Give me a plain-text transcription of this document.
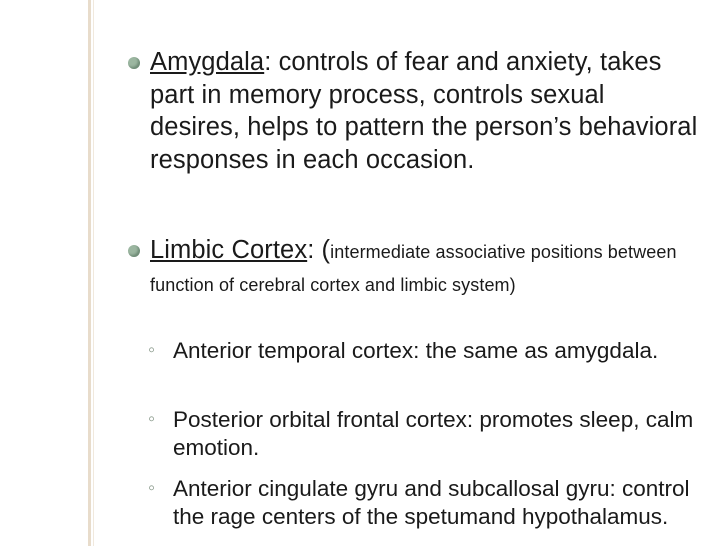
Amygdala: controls of fear and anxiety, takes part in memory process, controls sexual desires, helps to pattern the person’s behavioral responses in each occasion.
Limbic Cortex: (intermediate associative positions between function of cerebral cortex and limbic system)
◦ Anterior temporal cortex: the same as amygdala.
◦ Posterior orbital frontal cortex: promotes sleep, calm emotion.
◦ Anterior cingulate gyru and subcallosal gyru: control the rage centers of the spetumand hypothalamus.
